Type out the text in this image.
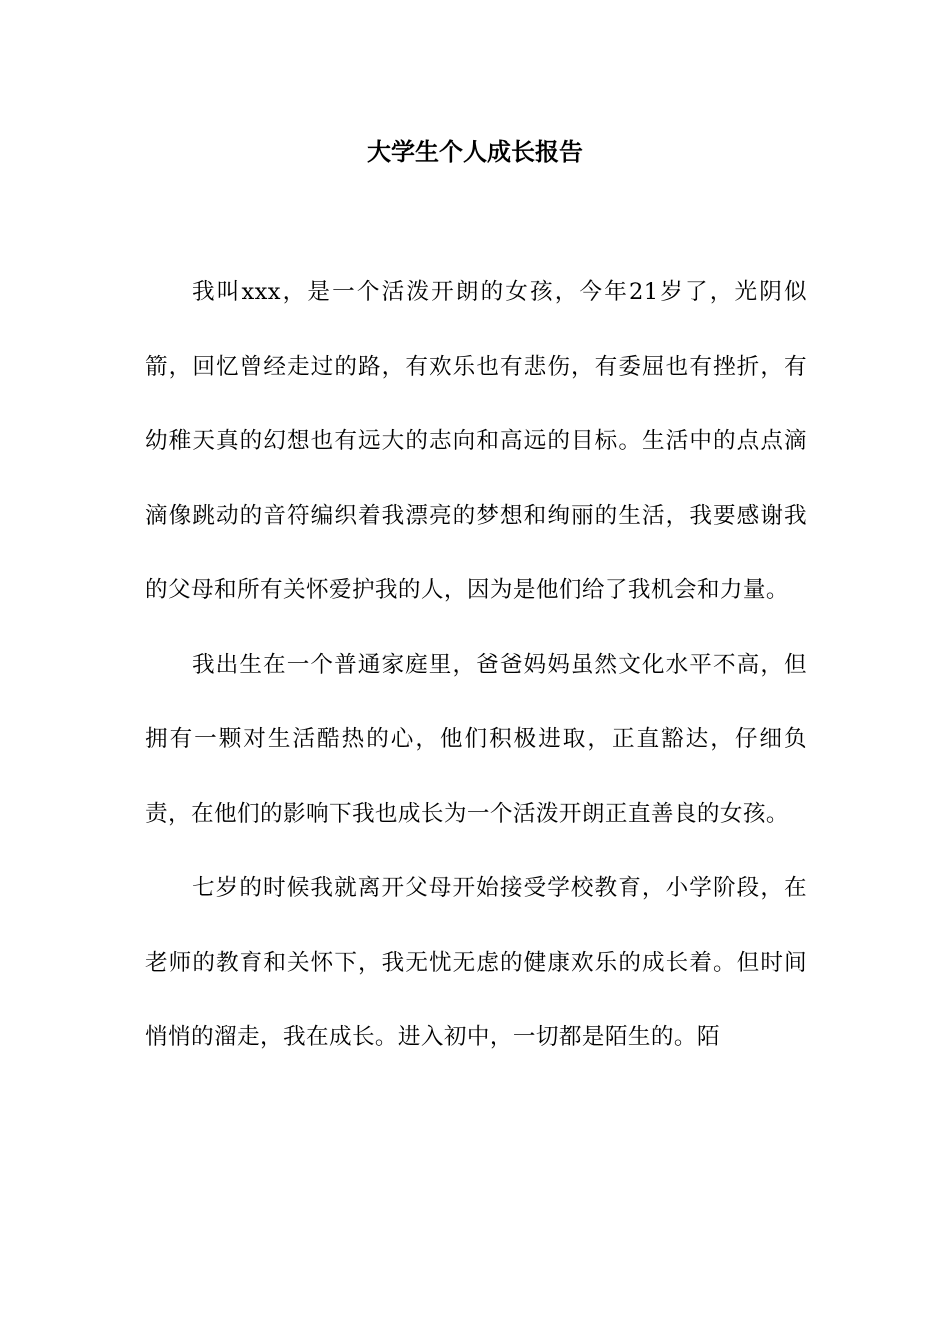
大学生个人成长报告

我叫xxx，是一个活泼开朗的女孩，今年21岁了，光阴似箭，回忆曾经走过的路，有欢乐也有悲伤，有委屈也有挫折，有幼稚天真的幻想也有远大的志向和高远的目标。生活中的点点滴滴像跳动的音符编织着我漂亮的梦想和绚丽的生活，我要感谢我的父母和所有关怀爱护我的人，因为是他们给了我机会和力量。

我出生在一个普通家庭里，爸爸妈妈虽然文化水平不高，但拥有一颗对生活酷热的心，他们积极进取，正直豁达，仔细负责，在他们的影响下我也成长为一个活泼开朗正直善良的女孩。

七岁的时候我就离开父母开始接受学校教育，小学阶段，在老师的教育和关怀下，我无忧无虑的健康欢乐的成长着。但时间悄悄的溜走，我在成长。进入初中，一切都是陌生的。陌
